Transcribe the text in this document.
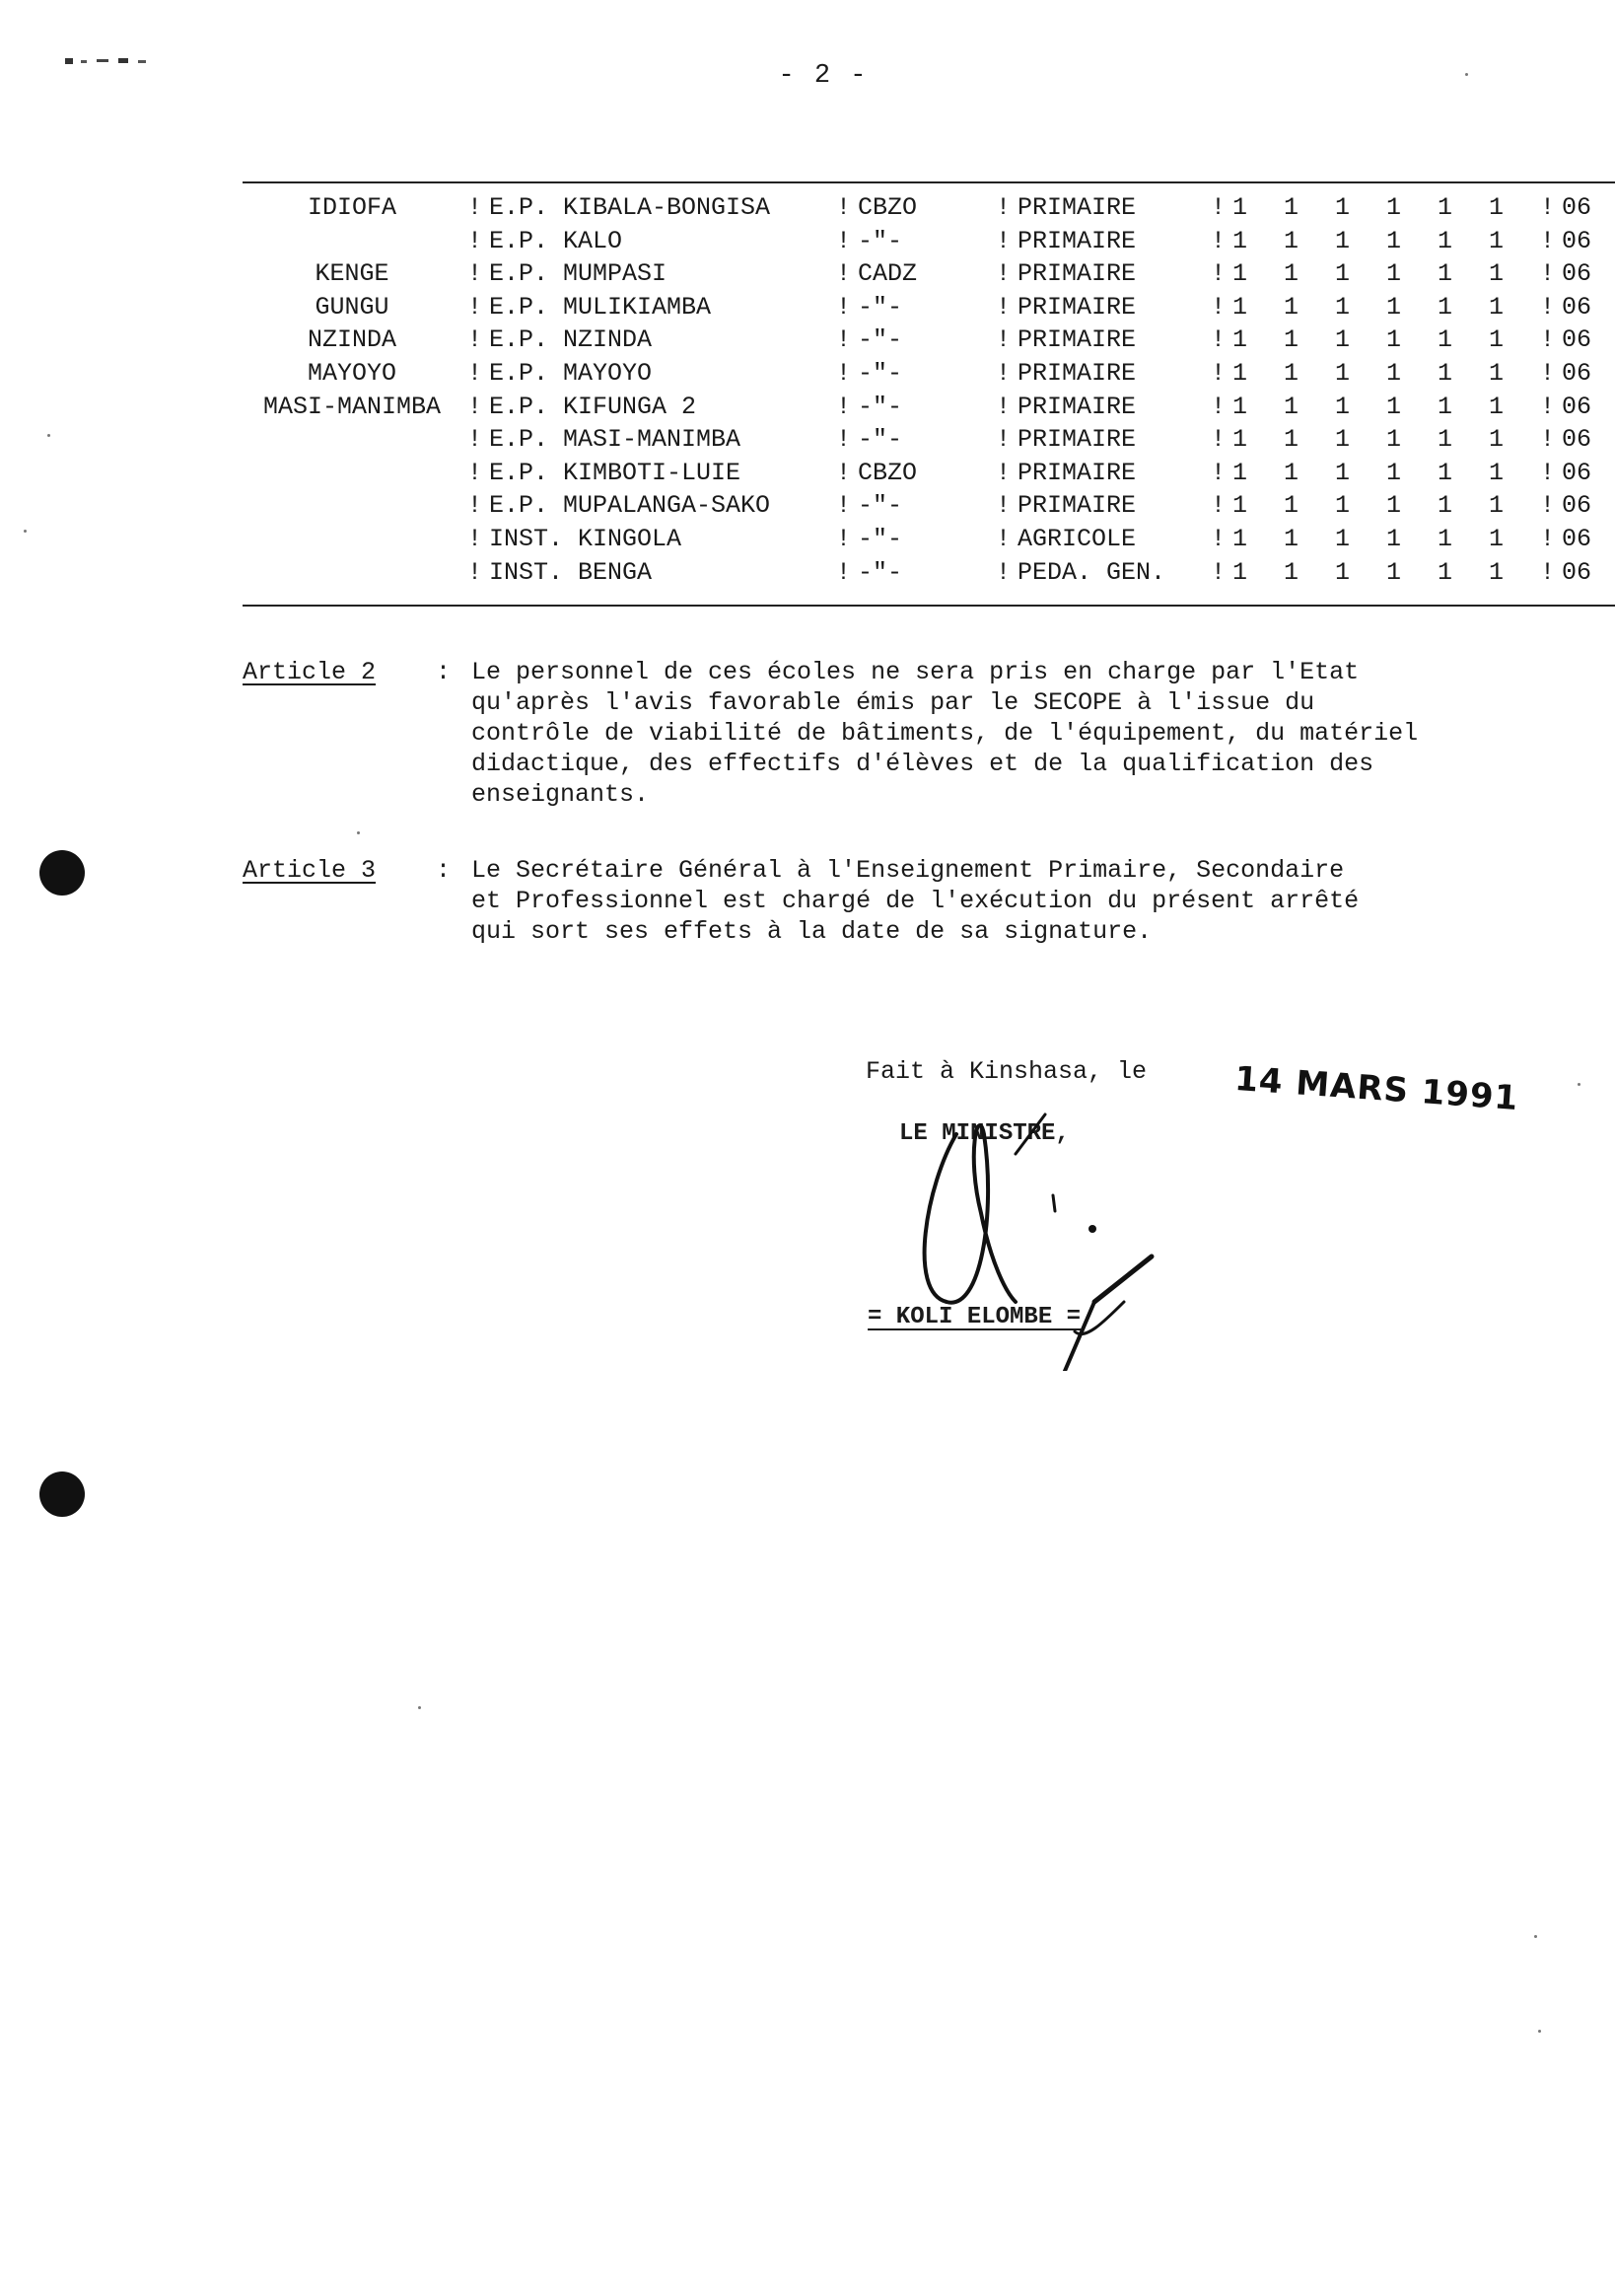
- 2 -
IDIOFA	!	E.P. KIBALA-BONGISA	!	CBZO	!	PRIMAIRE	!	1	1	1	1	1	1	!	06	
	!	E.P. KALO	!	-"-	!	PRIMAIRE	!	1	1	1	1	1	1	!	06	
KENGE	!	E.P. MUMPASI	!	CADZ	!	PRIMAIRE	!	1	1	1	1	1	1	!	06	
GUNGU	!	E.P. MULIKIAMBA	!	-"-	!	PRIMAIRE	!	1	1	1	1	1	1	!	06	
NZINDA	!	E.P. NZINDA	!	-"-	!	PRIMAIRE	!	1	1	1	1	1	1	!	06	
MAYOYO	!	E.P. MAYOYO	!	-"-	!	PRIMAIRE	!	1	1	1	1	1	1	!	06	
MASI-MANIMBA	!	E.P. KIFUNGA 2	!	-"-	!	PRIMAIRE	!	1	1	1	1	1	1	!	06	
	!	E.P. MASI-MANIMBA	!	-"-	!	PRIMAIRE	!	1	1	1	1	1	1	!	06	
	!	E.P. KIMBOTI-LUIE	!	CBZO	!	PRIMAIRE	!	1	1	1	1	1	1	!	06	
	!	E.P. MUPALANGA-SAKO	!	-"-	!	PRIMAIRE	!	1	1	1	1	1	1	!	06	
	!	INST. KINGOLA	!	-"-	!	AGRICOLE	!	1	1	1	1	1	1	!	06	
	!	INST. BENGA	!	-"-	!	PEDA. GEN.	!	1	1	1	1	1	1	!	06	
Article 2 : Le personnel de ces écoles ne sera pris en charge par l'Etat
qu'après l'avis favorable émis par le SECOPE à l'issue du
contrôle de viabilité de bâtiments, de l'équipement, du matériel
didactique, des effectifs d'élèves et de la qualification des
enseignants.
Article 3 : Le Secrétaire Général à l'Enseignement Primaire, Secondaire
et Professionnel est chargé de l'exécution du présent arrêté
qui sort ses effets à la date de sa signature.
Fait à Kinshasa, le	14 MARS 1991
LE MINISTRE,
= KOLI ELOMBE =
